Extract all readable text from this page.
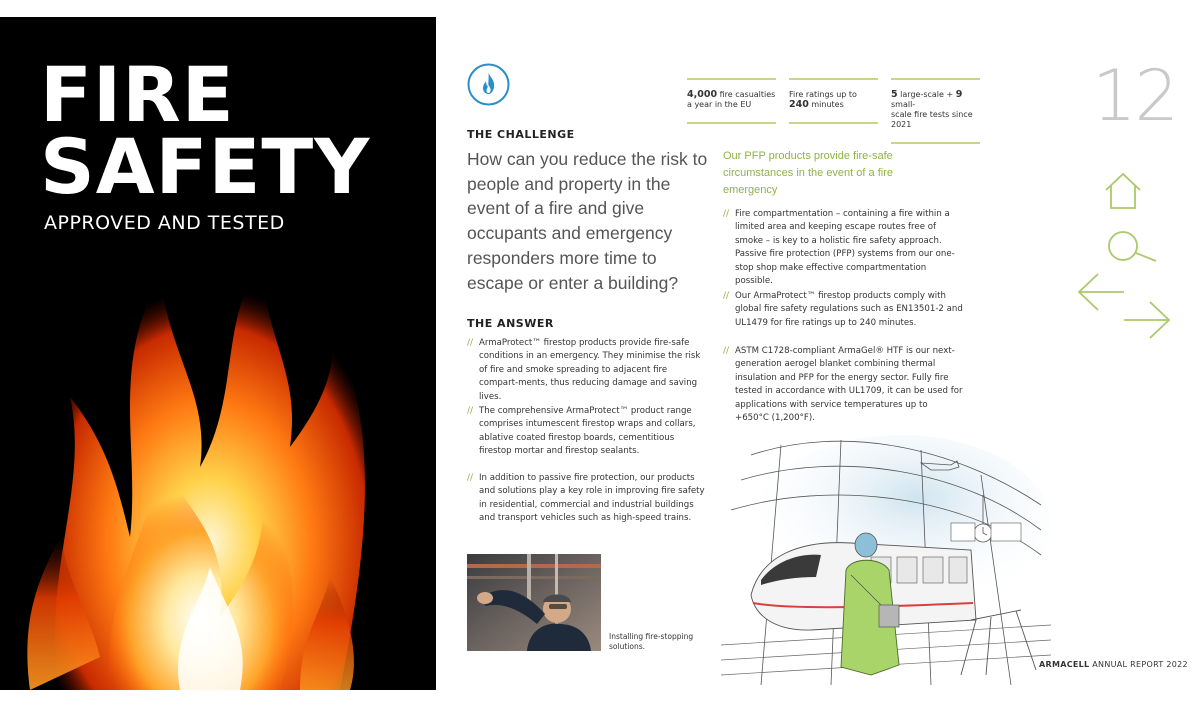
FIRE
SAFETY
APPROVED AND TESTED
4,000 fire casualties
a year in the EU
Fire ratings up to
240 minutes
5 large-scale + 9 small-
scale fire tests since 2021	12
THE CHALLENGE
How can you reduce the risk to people and property in the event of a fire and give occupants and emergency responders more time to escape or enter a building?
THE ANSWER
// ArmaProtect™ firestop products provide fire-safe conditions in an emergency. They minimise the risk of fire and smoke spreading to adjacent fire compart-ments, thus reducing damage and saving lives.
// The comprehensive ArmaProtect™ product range comprises intumescent firestop wraps and collars, ablative coated firestop boards, cementitious firestop mortar and firestop sealants.
// In addition to passive fire protection, our products and solutions play a key role in improving fire safety in residential, commercial and industrial buildings and transport vehicles such as high-speed trains.
Our PFP products provide fire-safe circumstances in the event of a fire emergency
// Fire compartmentation – containing a fire within a limited area and keeping escape routes free of smoke – is key to a holistic fire safety approach. Passive fire protection (PFP) systems from our one-stop shop make effective compartmentation possible.
// Our ArmaProtect™ firestop products comply with global fire safety regulations such as EN13501-2 and UL1479 for fire ratings up to 240 minutes.
// ASTM C1728-compliant ArmaGel® HTF is our next-generation aerogel blanket combining thermal insulation and PFP for the energy sector. Fully fire tested in accordance with UL1709, it can be used for applications with service temperatures up to +650°C (1,200°F).
Installing fire-stopping
solutions.
ARMACELL ANNUAL REPORT 2022
